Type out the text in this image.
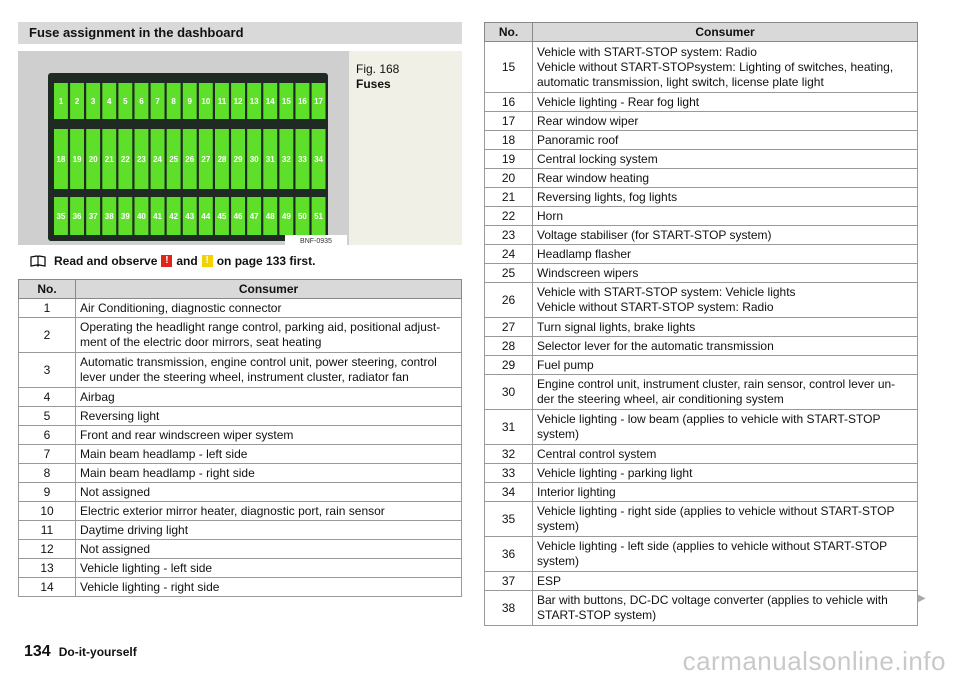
Fuse assignment in the dashboard
1 2 3 4 5 6 7 8 9 10 11 12 13 14 15 16 17
18 19 20 21 22 23 24 25 26 27 28 29 30 31 32 33 34
35 36 37 38 39 40 41 42 43 44 45 46 47 48 49 50 51
BNF-0935
Fig. 168
Fuses
Read and observe ! and ! on page 133 first.
No.	Consumer
1	Air Conditioning, diagnostic connector

2	Operating the headlight range control, parking aid, positional adjust-
ment of the electric door mirrors, seat heating

3	Automatic transmission, engine control unit, power steering, control
lever under the steering wheel, instrument cluster, radiator fan

4	Airbag

5	Reversing light

6	Front and rear windscreen wiper system

7	Main beam headlamp - left side

8	Main beam headlamp - right side

9	Not assigned

10	Electric exterior mirror heater, diagnostic port, rain sensor

11	Daytime driving light

12	Not assigned

13	Vehicle lighting - left side

14	Vehicle lighting - right side
No.	Consumer
15	Vehicle with START-STOP system: Radio
Vehicle without START-STOPsystem: Lighting of switches, heating,
automatic transmission, light switch, license plate light

16	Vehicle lighting - Rear fog light

17	Rear window wiper

18	Panoramic roof

19	Central locking system

20	Rear window heating

21	Reversing lights, fog lights

22	Horn

23	Voltage stabiliser (for START-STOP system)

24	Headlamp flasher

25	Windscreen wipers

26	Vehicle with START-STOP system: Vehicle lights
Vehicle without START-STOP system: Radio

27	Turn signal lights, brake lights

28	Selector lever for the automatic transmission

29	Fuel pump

30	Engine control unit, instrument cluster, rain sensor, control lever un-
der the steering wheel, air conditioning system

31	Vehicle lighting - low beam (applies to vehicle with START-STOP
system)

32	Central control system

33	Vehicle lighting - parking light

34	Interior lighting

35	Vehicle lighting - right side (applies to vehicle without START-STOP
system)

36	Vehicle lighting - left side (applies to vehicle without START-STOP
system)

37	ESP

38	Bar with buttons, DC-DC voltage converter (applies to vehicle with
START-STOP system)
▶
134 Do-it-yourself	carmanualsonline.info
